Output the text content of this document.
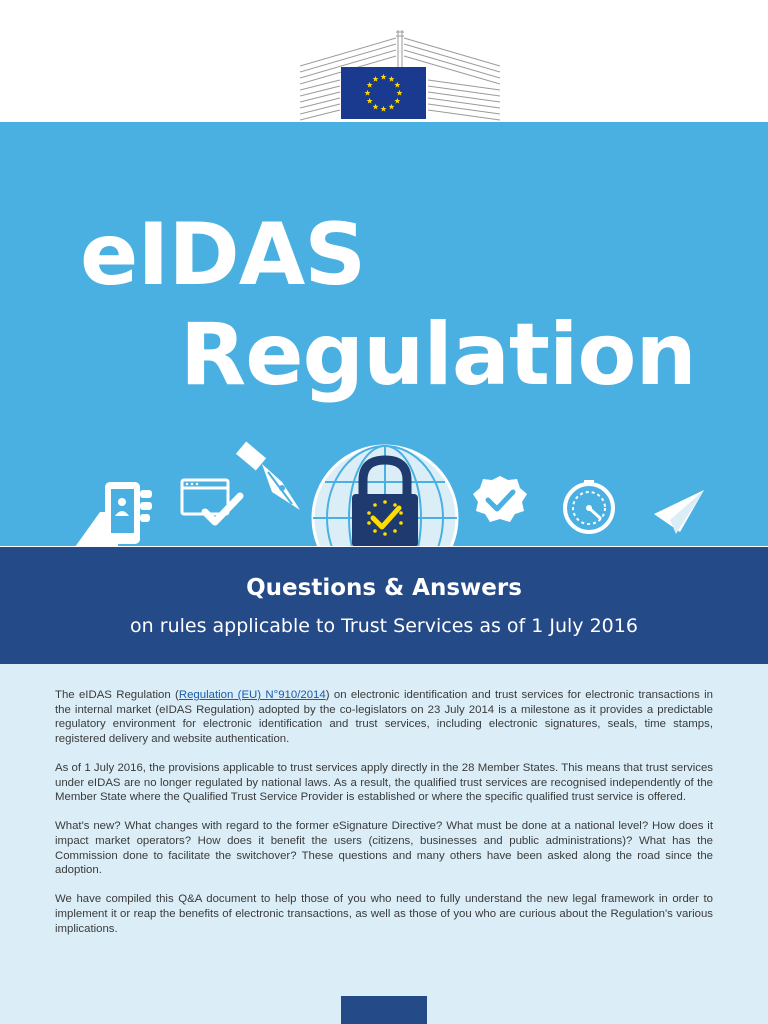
eIDAS
Regulation
Questions & Answers
on rules applicable to Trust Services as of 1 July 2016

The eIDAS Regulation (Regulation (EU) N°910/2014) on electronic identification and trust services for electronic transactions in the internal market (eIDAS Regulation) adopted by the co-legislators on 23 July 2014 is a milestone as it provides a predictable regulatory environment for electronic identification and trust services, including electronic signatures, seals, time stamps, registered delivery and website authentication.

As of 1 July 2016, the provisions applicable to trust services apply directly in the 28 Member States. This means that trust services under eIDAS are no longer regulated by national laws. As a result, the qualified trust services are recognised independently of the Member State where the Qualified Trust Service Provider is established or where the specific qualified trust service is offered.

What's new? What changes with regard to the former eSignature Directive? What must be done at a national level? How does it impact market operators? How does it benefit the users (citizens, businesses and public administrations)? What has the Commission done to facilitate the switchover? These questions and many others have been asked along the road since the adoption.

We have compiled this Q&A document to help those of you who need to fully understand the new legal framework in order to implement it or reap the benefits of electronic transactions, as well as those of you who are curious about the Regulation's various implications.
